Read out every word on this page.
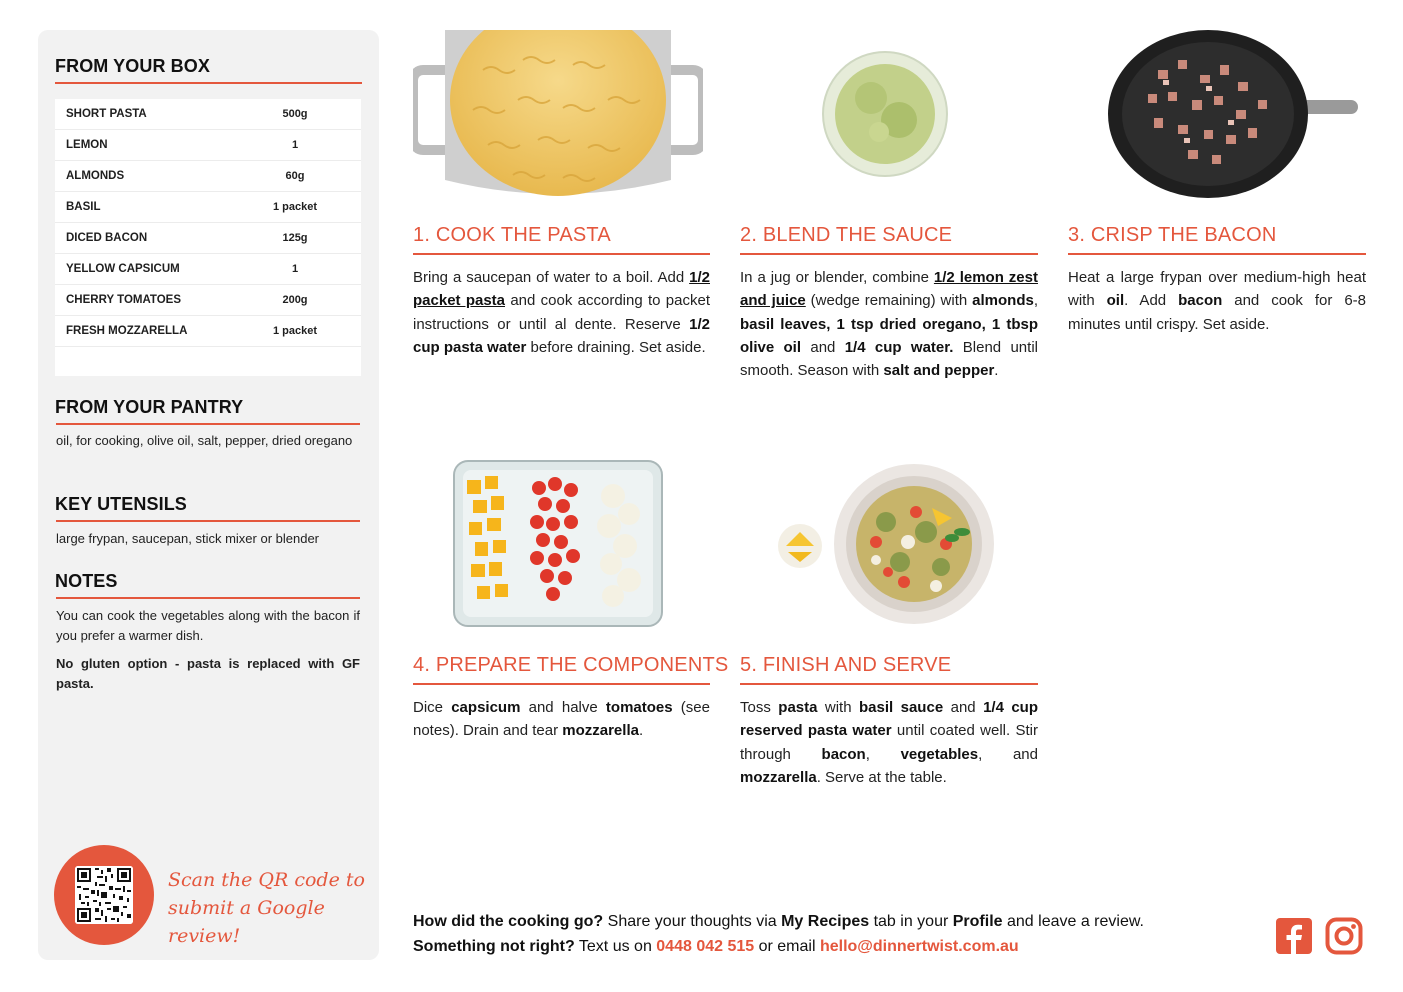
FROM YOUR BOX
SHORT PASTA	500g
LEMON	1
ALMONDS	60g
BASIL	1 packet
DICED BACON	125g
YELLOW CAPSICUM	1
CHERRY TOMATOES	200g
FRESH MOZZARELLA	1 packet
FROM YOUR PANTRY
oil, for cooking, olive oil, salt, pepper, dried oregano
KEY UTENSILS
large frypan, saucepan, stick mixer or blender
NOTES
You can cook the vegetables along with the bacon if you prefer a warmer dish.
No gluten option - pasta is replaced with GF pasta.
Scan the QR code to
submit a Google review!
1. COOK THE PASTA
Bring a saucepan of water to a boil. Add 1/2 packet pasta and cook according to packet instructions or until al dente. Reserve 1/2 cup pasta water before draining. Set aside.
2. BLEND THE SAUCE
In a jug or blender, combine 1/2 lemon zest and juice (wedge remaining) with almonds, basil leaves, 1 tsp dried oregano, 1 tbsp olive oil and 1/4 cup water. Blend until smooth. Season with salt and pepper.
3. CRISP THE BACON
Heat a large frypan over medium-high heat with oil. Add bacon and cook for 6-8 minutes until crispy. Set aside.
4. PREPARE THE COMPONENTS
Dice capsicum and halve tomatoes (see notes). Drain and tear mozzarella.
5. FINISH AND SERVE
Toss pasta with basil sauce and 1/4 cup reserved pasta water until coated well. Stir through bacon, vegetables, and mozzarella. Serve at the table.
How did the cooking go? Share your thoughts via My Recipes tab in your Profile and leave a review.
Something not right? Text us on 0448 042 515 or email hello@dinnertwist.com.au
